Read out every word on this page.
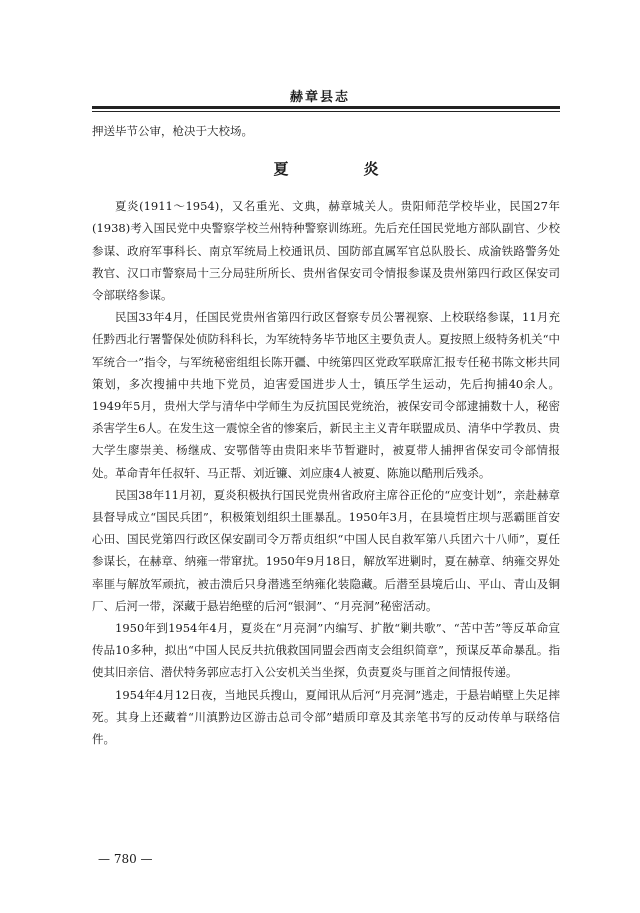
赫章县志

押送毕节公审，枪决于大校场。

夏　炎

夏炎(1911～1954)，又名重光、文典，赫章城关人。贵阳师范学校毕业，民国27年(1938)考入国民党中央警察学校兰州特种警察训练班。先后充任国民党地方部队副官、少校参谋、政府军事科长、南京军统局上校通讯员、国防部直属军官总队股长、成渝铁路警务处教官、汉口市警察局十三分局驻所所长、贵州省保安司令情报参谋及贵州第四行政区保安司令部联络参谋。

民国33年4月，任国民党贵州省第四行政区督察专员公署视察、上校联络参谋，11月充任黔西北行署警保处侦防科科长，为军统特务毕节地区主要负责人。夏按照上级特务机关“中军统合一”指令，与军统秘密组组长陈开疆、中统第四区党政军联席汇报专任秘书陈文彬共同策划，多次搜捕中共地下党员，迫害爱国进步人士，镇压学生运动，先后拘捕40余人。1949年5月，贵州大学与清华中学师生为反抗国民党统治，被保安司令部逮捕数十人，秘密杀害学生6人。在发生这一震惊全省的惨案后，新民主主义青年联盟成员、清华中学教员、贵大学生廖崇美、杨继成、安鄂偕等由贵阳来毕节暂避时，被夏带人捕押省保安司令部情报处。革命青年任叔轩、马正帮、刘近镰、刘应康4人被夏、陈施以酷刑后残杀。

民国38年11月初，夏炎积极执行国民党贵州省政府主席谷正伦的“应变计划”，亲赴赫章县督导成立“国民兵团”，积极策划组织土匪暴乱。1950年3月，在县境哲庄坝与恶霸匪首安心田、国民党第四行政区保安副司令万帮贞组织“中国人民自救军第八兵团六十八师”，夏任参谋长，在赫章、纳雍一带窜扰。1950年9月18日，解放军进剿时，夏在赫章、纳雍交界处率匪与解放军顽抗，被击溃后只身潜逃至纳雍化装隐藏。后潜至县境后山、平山、青山及铜厂、后河一带，深藏于悬岩绝壁的后河“银洞”、“月亮洞”秘密活动。

1950年到1954年4月，夏炎在“月亮洞”内编写、扩散“剿共歌”、“苦中苦”等反革命宣传品10多种，拟出“中国人民反共抗俄救国同盟会西南支会组织简章”，预谋反革命暴乱。指使其旧亲信、潜伏特务郭应志打入公安机关当坐探，负责夏炎与匪首之间情报传递。

1954年4月12日夜，当地民兵搜山，夏闻讯从后河“月亮洞”逃走，于悬岩峭壁上失足摔死。其身上还藏着“川滇黔边区游击总司令部”蜡质印章及其亲笔书写的反动传单与联络信件。

— 780 —
